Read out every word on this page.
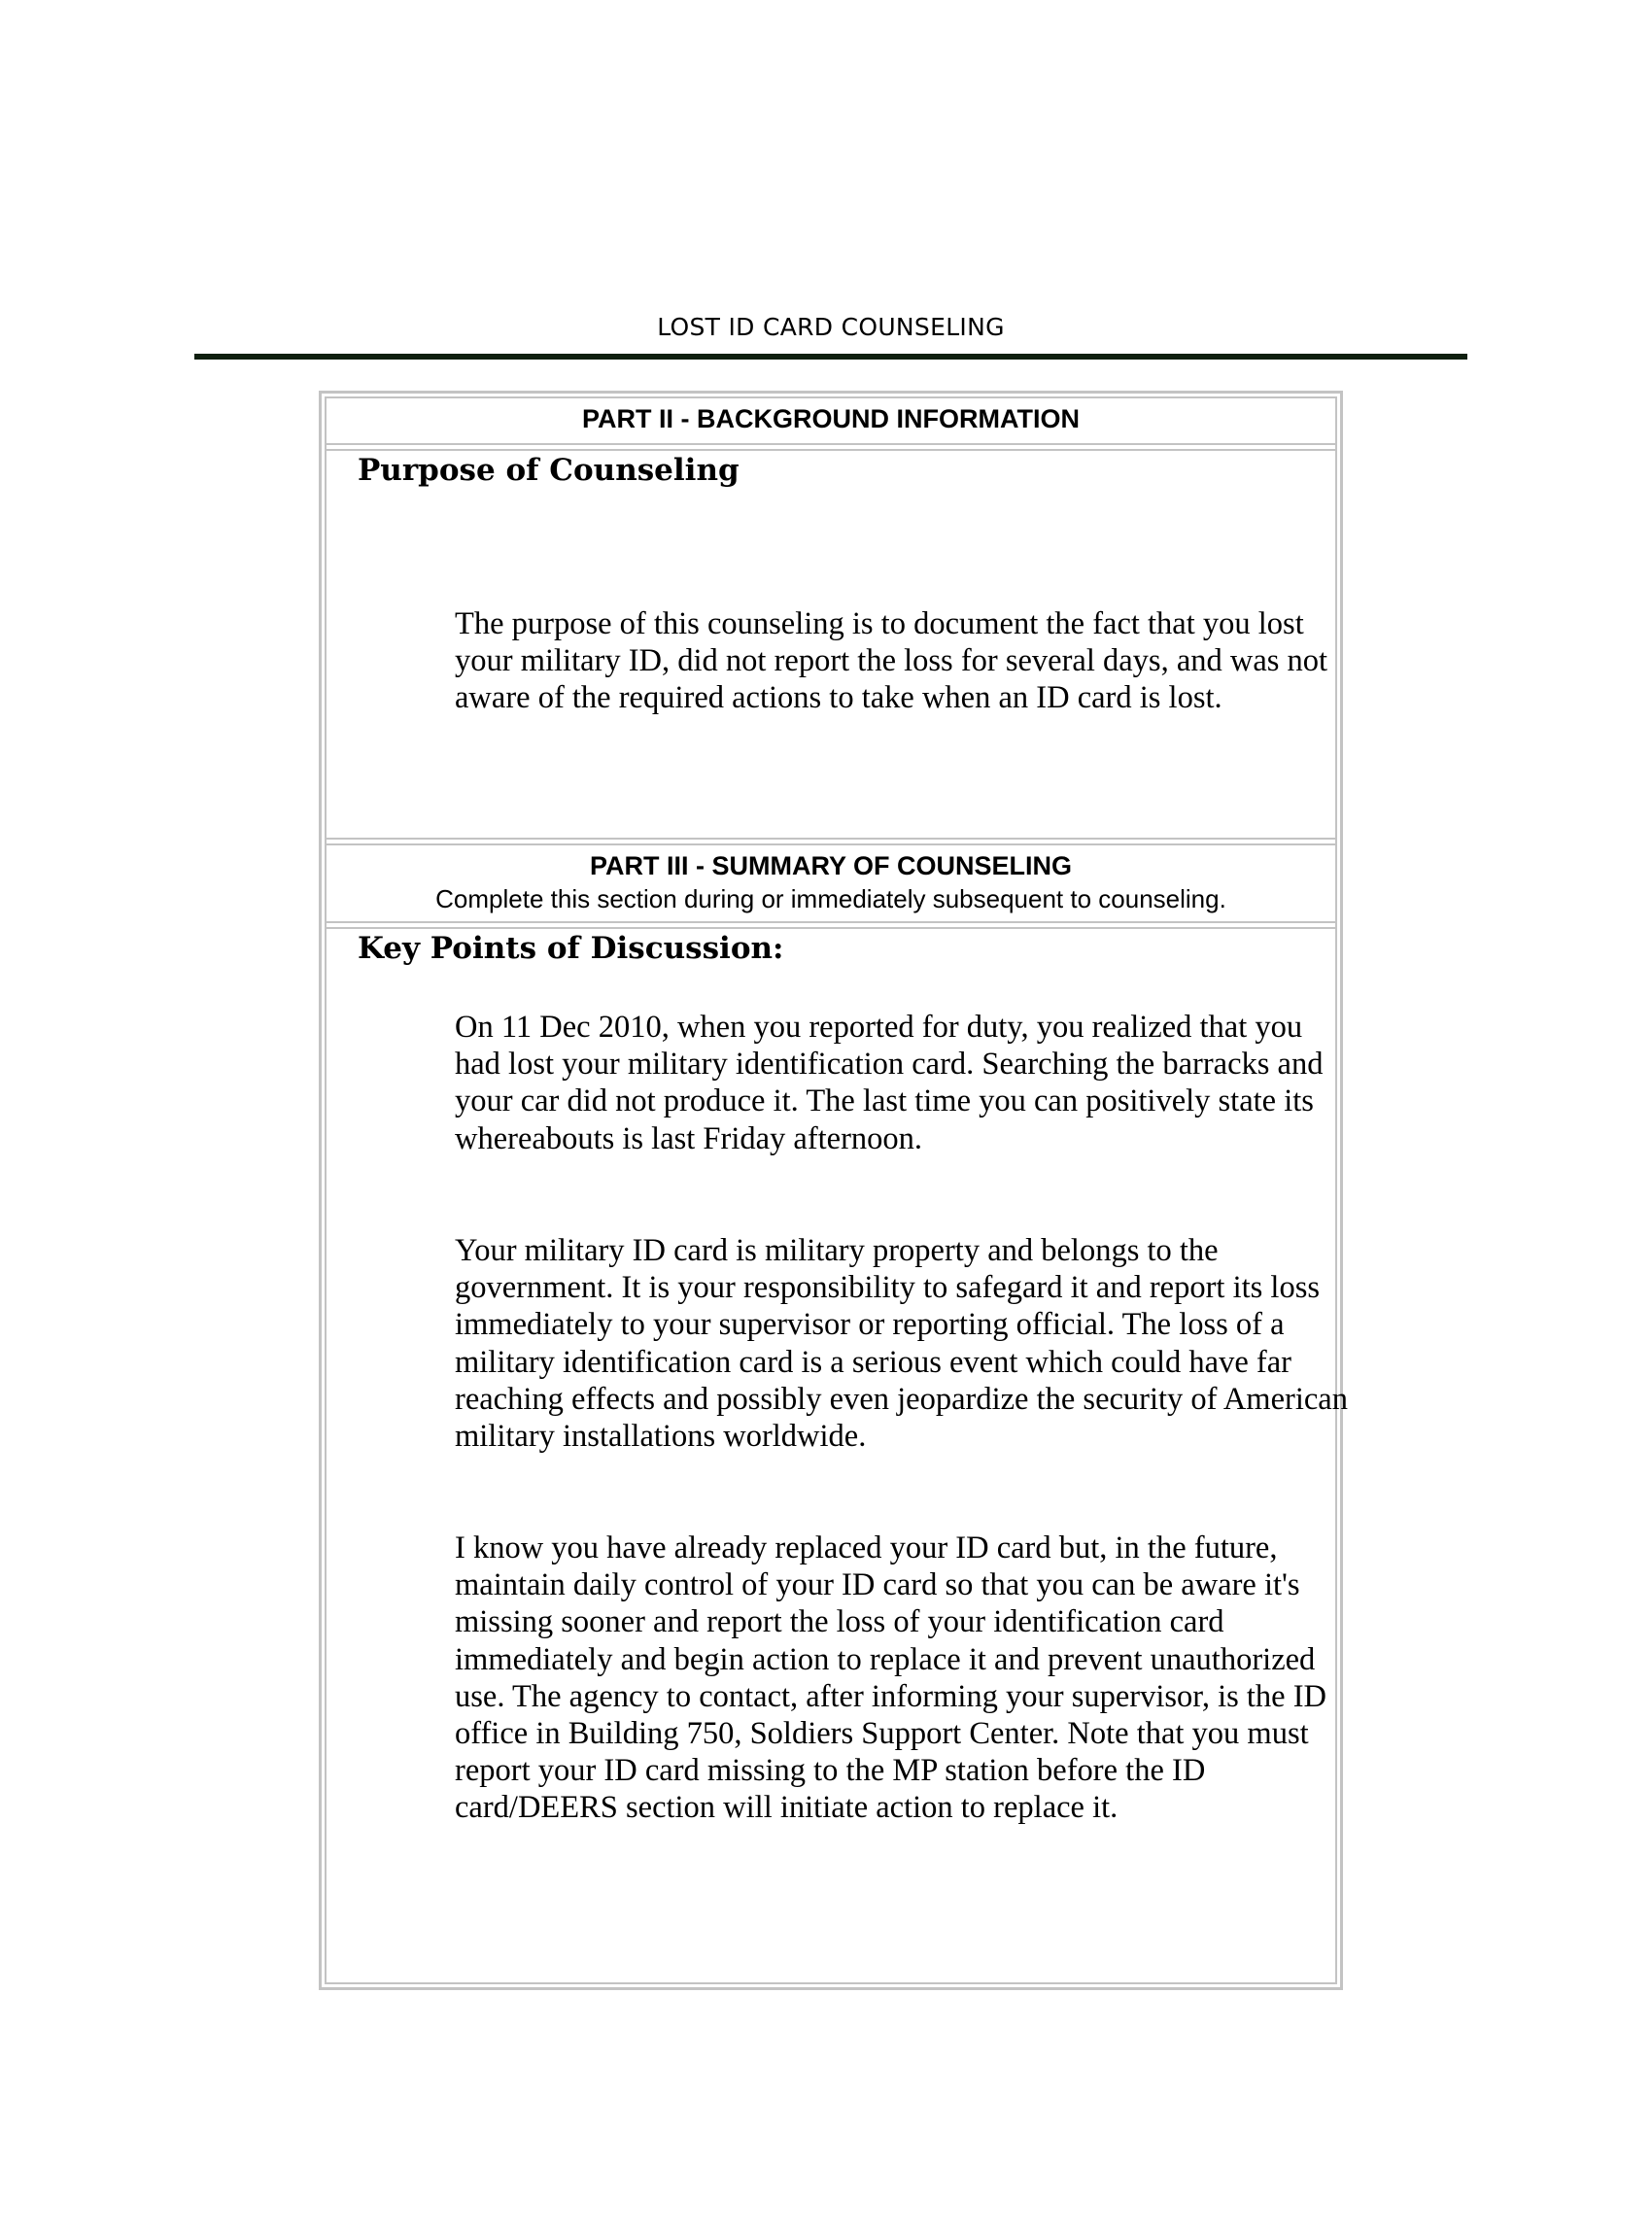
LOST ID CARD COUNSELING
PART II - BACKGROUND INFORMATION
Purpose of Counseling

The purpose of this counseling is to document the fact that you lost your military ID, did not report the loss for several days, and was not aware of the required actions to take when an ID card is lost.

PART III - SUMMARY OF COUNSELING
Complete this section during or immediately subsequent to counseling.
Key Points of Discussion:

On 11 Dec 2010, when you reported for duty, you realized that you had lost your military identification card. Searching the barracks and your car did not produce it. The last time you can positively state its whereabouts is last Friday afternoon.

Your military ID card is military property and belongs to the government. It is your responsibility to safegard it and report its loss immediately to your supervisor or reporting official. The loss of a military identification card is a serious event which could have far reaching effects and possibly even jeopardize the security of American military installations worldwide.

I know you have already replaced your ID card but, in the future, maintain daily control of your ID card so that you can be aware it's missing sooner and report the loss of your identification card immediately and begin action to replace it and prevent unauthorized use. The agency to contact, after informing your supervisor, is the ID office in Building 750, Soldiers Support Center. Note that you must report your ID card missing to the MP station before the ID card/DEERS section will initiate action to replace it.
